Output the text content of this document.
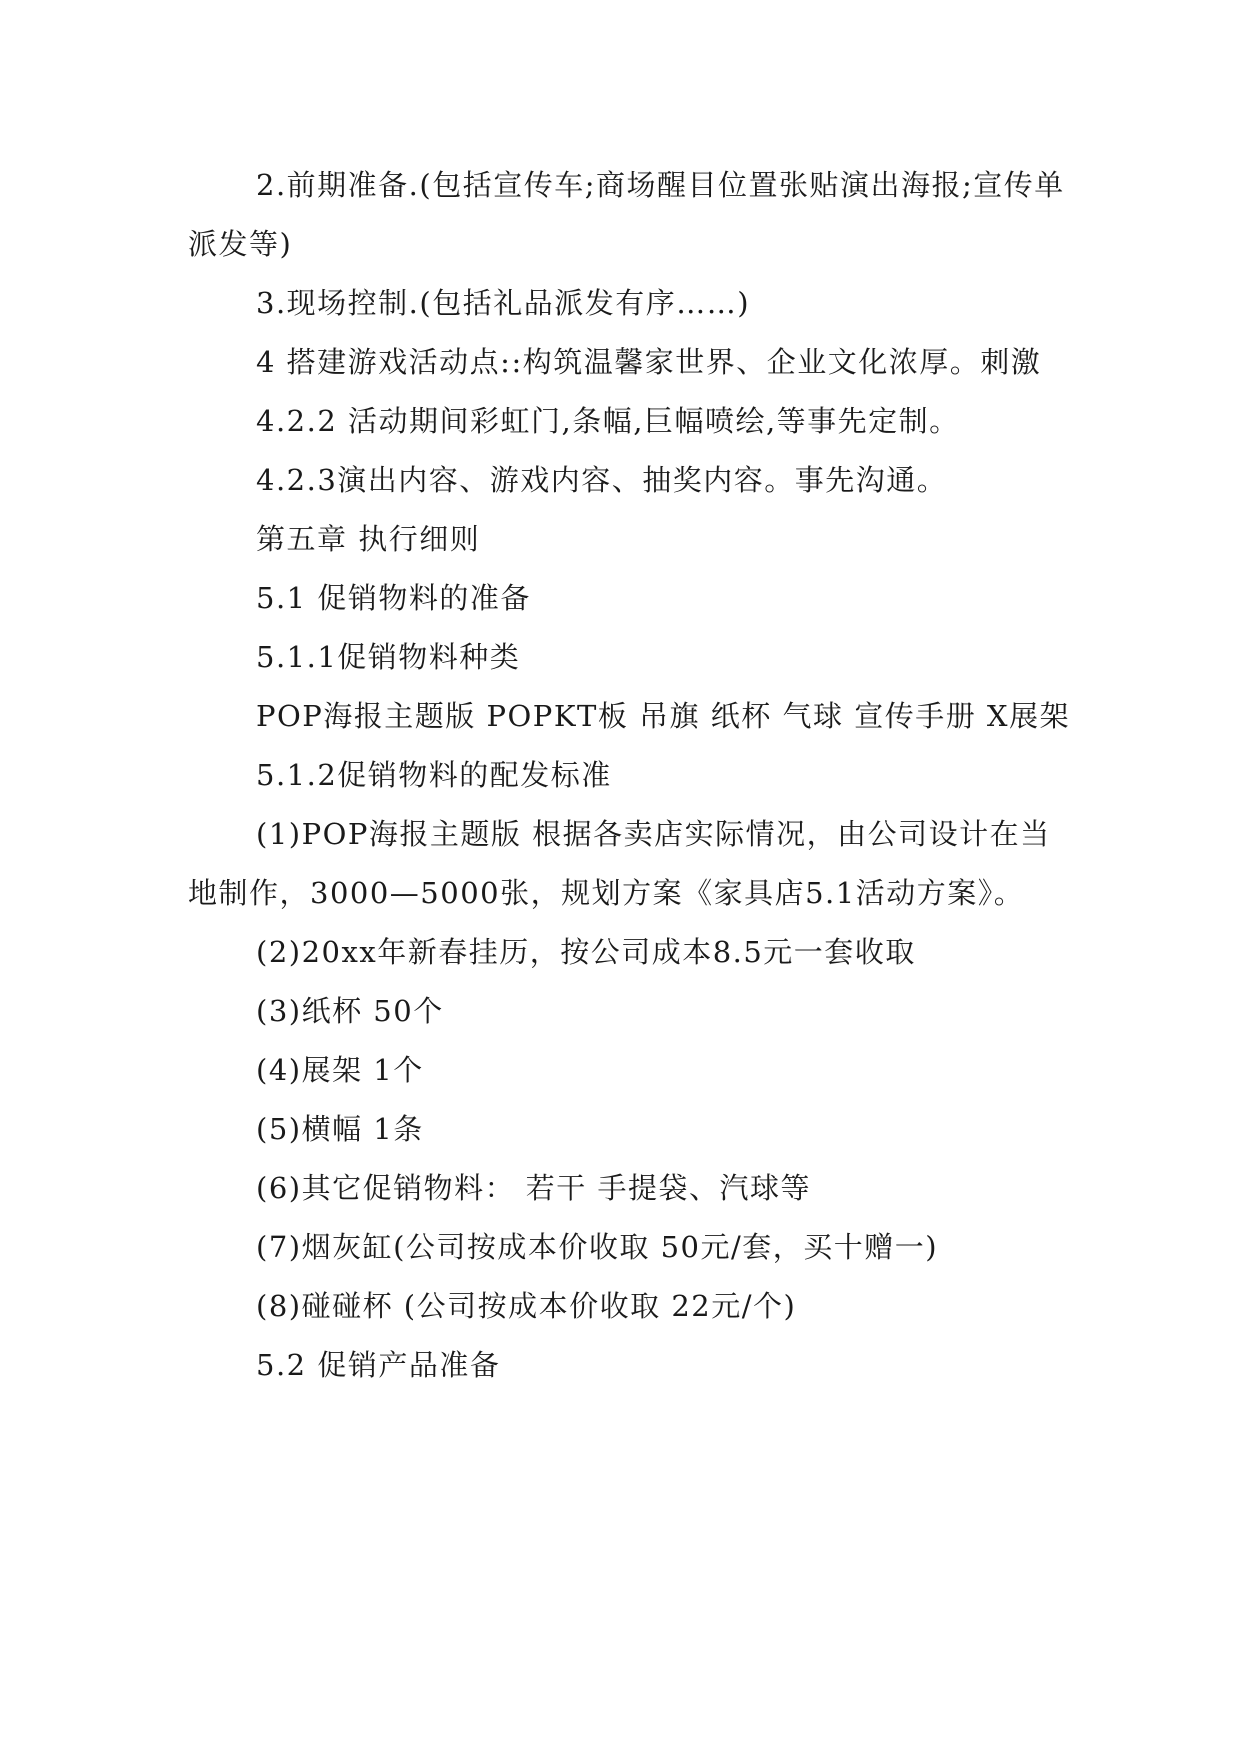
2.前期准备.(包括宣传车;商场醒目位置张贴演出海报;宣传单派发等)

3.现场控制.(包括礼品派发有序……)

4 搭建游戏活动点::构筑温馨家世界、企业文化浓厚。刺激

4.2.2 活动期间彩虹门,条幅,巨幅喷绘,等事先定制。

4.2.3演出内容、游戏内容、抽奖内容。事先沟通。

第五章 执行细则

5.1 促销物料的准备

5.1.1促销物料种类

POP海报主题版 POPKT板 吊旗 纸杯 气球 宣传手册 X展架

5.1.2促销物料的配发标准

(1)POP海报主题版 根据各卖店实际情况，由公司设计在当地制作，3000—5000张，规划方案《家具店5.1活动方案》。

(2)20xx年新春挂历，按公司成本8.5元一套收取

(3)纸杯 50个

(4)展架 1个

(5)横幅 1条

(6)其它促销物料： 若干 手提袋、汽球等

(7)烟灰缸(公司按成本价收取 50元/套，买十赠一)

(8)碰碰杯 (公司按成本价收取 22元/个)

5.2 促销产品准备
